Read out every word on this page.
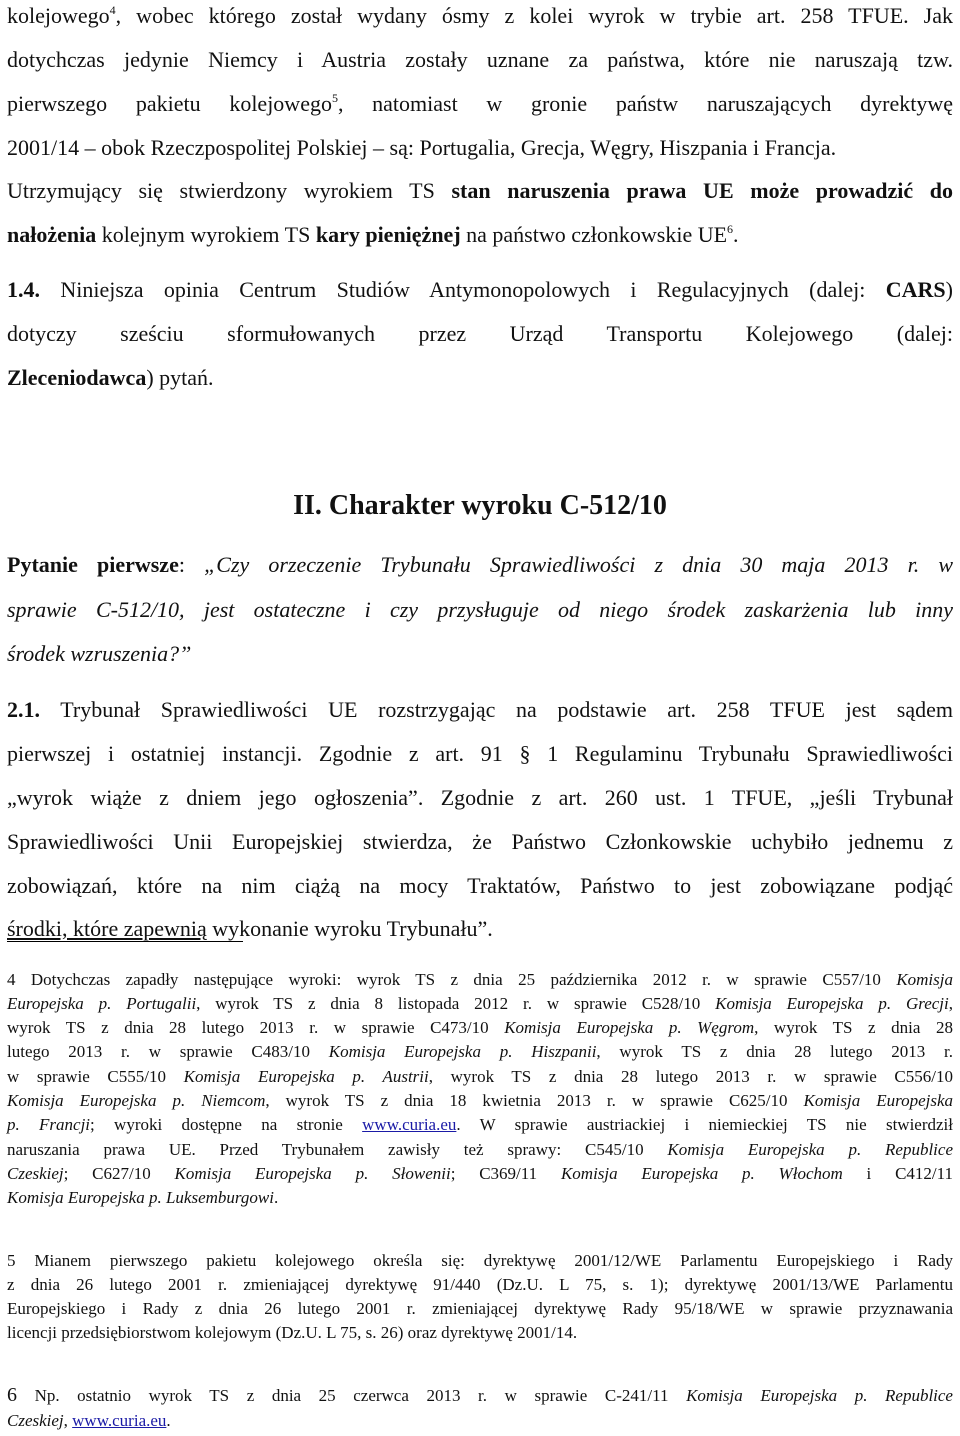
kolejowego$^4$, wobec którego został wydany ósmy z kolei wyrok w trybie art. 258 TFUE. Jak
dotychczas jedynie Niemcy i Austria zostały uznane za państwa, które nie naruszają tzw.
pierwszego pakietu kolejowego$^5$, natomiast w gronie państw naruszających dyrektywę
2001/14 – obok Rzeczpospolitej Polskiej – są: Portugalia, Grecja, Węgry, Hiszpania i Francja.
Utrzymujący się stwierdzony wyrokiem TS stan naruszenia prawa UE może prowadzić do
nałożenia kolejnym wyrokiem TS kary pieniężnej na państwo członkowskie $UE^6$.
1.4. Niniejsza opinia Centrum Studiów Antymonopolowych i Regulacyjnych (dalej: CARS)
dotyczy sześciu sformułowanych przez Urząd Transportu Kolejowego (dalej:
Zleceniodawca) pytań.
II. Charakter wyroku C-512/10
Pytanie pierwsze: „Czy orzeczenie Trybunału Sprawiedliwości z dnia 30 maja 2013 r. w
sprawie C-512/10, jest ostateczne i czy przysługuje od niego środek zaskarżenia lub inny
środek wzruszenia?”
2.1. Trybunał Sprawiedliwości UE rozstrzygając na podstawie art. 258 TFUE jest sądem
pierwszej i ostatniej instancji. Zgodnie z art. 91 § 1 Regulaminu Trybunału Sprawiedliwości
„wyrok wiąże z dniem jego ogłoszenia”. Zgodnie z art. 260 ust. 1 TFUE, „jeśli Trybunał
Sprawiedliwości Unii Europejskiej stwierdza, że Państwo Członkowskie uchybiło jednemu z
zobowiązań, które na nim ciążą na mocy Traktatów, Państwo to jest zobowiązane podjąć
środki, które zapewnią wykonanie wyroku Trybunału”.
4 Dotychczas zapadły następujące wyroki: wyrok TS z dnia 25 października 2012 r. w sprawie C557/10 Komisja
Europejska p. Portugalii, wyrok TS z dnia 8 listopada 2012 r. w sprawie C528/10 Komisja Europejska p. Grecji,
wyrok TS z dnia 28 lutego 2013 r. w sprawie C473/10 Komisja Europejska p. Węgrom, wyrok TS z dnia 28
lutego 2013 r. w sprawie C483/10 Komisja Europejska p. Hiszpanii, wyrok TS z dnia 28 lutego 2013 r.
w sprawie C555/10 Komisja Europejska p. Austrii, wyrok TS z dnia 28 lutego 2013 r. w sprawie C556/10
Komisja Europejska p. Niemcom, wyrok TS z dnia 18 kwietnia 2013 r. w sprawie C625/10 Komisja Europejska
p. Francji; wyroki dostępne na stronie www.curia.eu. W sprawie austriackiej i niemieckiej TS nie stwierdził
naruszania prawa UE. Przed Trybunałem zawisły też sprawy: C545/10 Komisja Europejska p. Republice
Czeskiej; C627/10 Komisja Europejska p. Słowenii; C369/11 Komisja Europejska p. Włochom i C412/11
Komisja Europejska p. Luksemburgowi.
5 Mianem pierwszego pakietu kolejowego określa się: dyrektywę 2001/12/WE Parlamentu Europejskiego i Rady
z dnia 26 lutego 2001 r. zmieniającej dyrektywę 91/440 (Dz.U. L 75, s. 1); dyrektywę 2001/13/WE Parlamentu
Europejskiego i Rady z dnia 26 lutego 2001 r. zmieniającej dyrektywę Rady 95/18/WE w sprawie przyznawania
licencji przedsiębiorstwom kolejowym (Dz.U. L 75, s. 26) oraz dyrektywę 2001/14.
6 Np. ostatnio wyrok TS z dnia 25 czerwca 2013 r. w sprawie C-241/11 Komisja Europejska p. Republice
Czeskiej, www.curia.eu.
